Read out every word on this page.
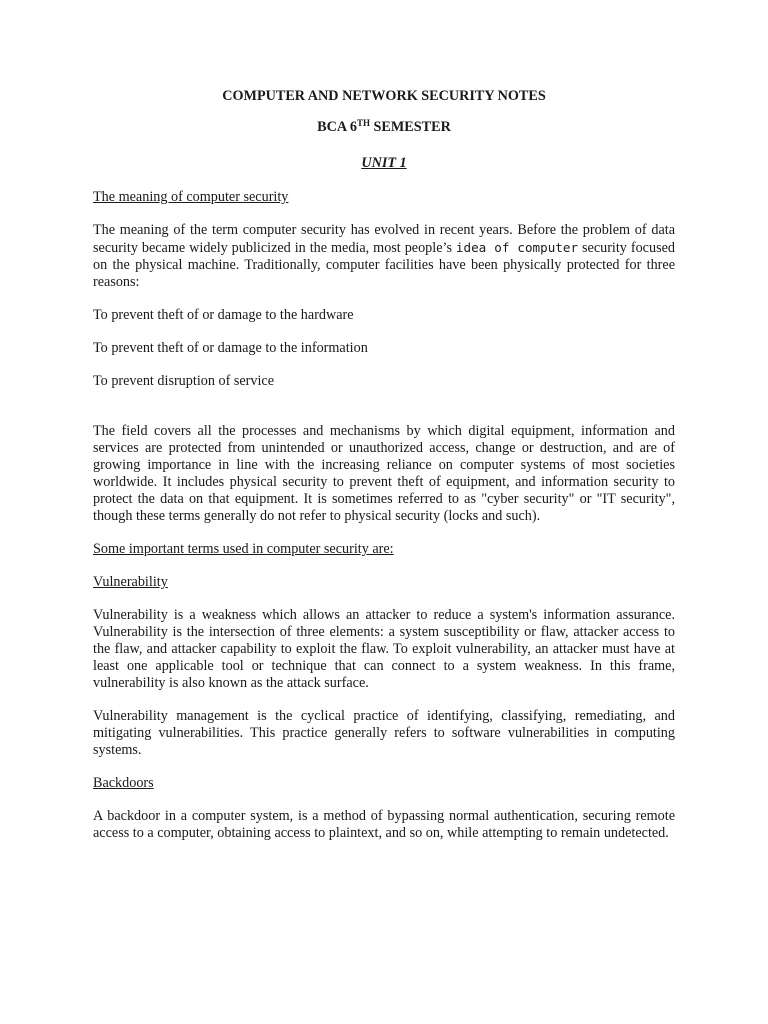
COMPUTER AND NETWORK SECURITY NOTES

BCA 6TH SEMESTER

UNIT 1

The meaning of computer security

The meaning of the term computer security has evolved in recent years. Before the problem of data security became widely publicized in the media, most people’s idea of computer security focused on the physical machine. Traditionally, computer facilities have been physically protected for three reasons:

To prevent theft of or damage to the hardware

To prevent theft of or damage to the information

To prevent disruption of service

The field covers all the processes and mechanisms by which digital equipment, information and services are protected from unintended or unauthorized access, change or destruction, and are of growing importance in line with the increasing reliance on computer systems of most societies worldwide. It includes physical security to prevent theft of equipment, and information security to protect the data on that equipment. It is sometimes referred to as "cyber security" or "IT security", though these terms generally do not refer to physical security (locks and such).

Some important terms used in computer security are:

Vulnerability

Vulnerability is a weakness which allows an attacker to reduce a system's information assurance. Vulnerability is the intersection of three elements: a system susceptibility or flaw, attacker access to the flaw, and attacker capability to exploit the flaw. To exploit vulnerability, an attacker must have at least one applicable tool or technique that can connect to a system weakness. In this frame, vulnerability is also known as the attack surface.

Vulnerability management is the cyclical practice of identifying, classifying, remediating, and mitigating vulnerabilities. This practice generally refers to software vulnerabilities in computing systems.

Backdoors

A backdoor in a computer system, is a method of bypassing normal authentication, securing remote access to a computer, obtaining access to plaintext, and so on, while attempting to remain undetected.
